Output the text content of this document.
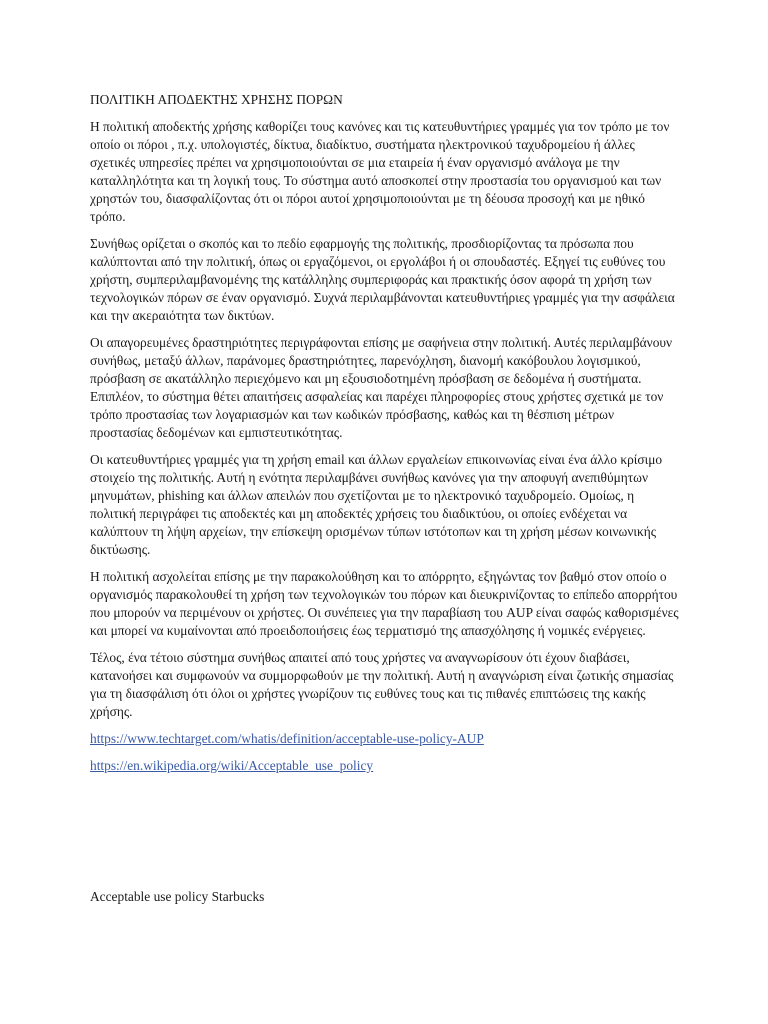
ΠΟΛΙΤΙΚΗ ΑΠΟΔΕΚΤΗΣ ΧΡΗΣΗΣ ΠΟΡΩΝ

Η πολιτική αποδεκτής χρήσης καθορίζει τους κανόνες και τις κατευθυντήριες γραμμές για τον τρόπο με τον οποίο οι πόροι , π.χ. υπολογιστές, δίκτυα, διαδίκτυο, συστήματα ηλεκτρονικού ταχυδρομείου ή άλλες σχετικές υπηρεσίες πρέπει να χρησιμοποιούνται σε μια εταιρεία ή έναν οργανισμό ανάλογα με την καταλληλότητα και τη λογική τους. Το σύστημα αυτό αποσκοπεί στην προστασία του οργανισμού και των χρηστών του, διασφαλίζοντας ότι οι πόροι αυτοί χρησιμοποιούνται με τη δέουσα προσοχή και με ηθικό τρόπο.

Συνήθως ορίζεται ο σκοπός και το πεδίο εφαρμογής της πολιτικής, προσδιορίζοντας τα πρόσωπα που καλύπτονται από την πολιτική, όπως οι εργαζόμενοι, οι εργολάβοι ή οι σπουδαστές. Εξηγεί τις ευθύνες του χρήστη, συμπεριλαμβανομένης της κατάλληλης συμπεριφοράς και πρακτικής όσον αφορά τη χρήση των τεχνολογικών πόρων σε έναν οργανισμό. Συχνά περιλαμβάνονται κατευθυντήριες γραμμές για την ασφάλεια και την ακεραιότητα των δικτύων.

Οι απαγορευμένες δραστηριότητες περιγράφονται επίσης με σαφήνεια στην πολιτική. Αυτές περιλαμβάνουν συνήθως, μεταξύ άλλων, παράνομες δραστηριότητες, παρενόχληση, διανομή κακόβουλου λογισμικού, πρόσβαση σε ακατάλληλο περιεχόμενο και μη εξουσιοδοτημένη πρόσβαση σε δεδομένα ή συστήματα. Επιπλέον, το σύστημα θέτει απαιτήσεις ασφαλείας και παρέχει πληροφορίες στους χρήστες σχετικά με τον τρόπο προστασίας των λογαριασμών και των κωδικών πρόσβασης, καθώς και τη θέσπιση μέτρων προστασίας δεδομένων και εμπιστευτικότητας.

Οι κατευθυντήριες γραμμές για τη χρήση email και άλλων εργαλείων επικοινωνίας είναι ένα άλλο κρίσιμο στοιχείο της πολιτικής. Αυτή η ενότητα περιλαμβάνει συνήθως κανόνες για την αποφυγή ανεπιθύμητων μηνυμάτων, phishing και άλλων απειλών που σχετίζονται με το ηλεκτρονικό ταχυδρομείο. Ομοίως, η πολιτική περιγράφει τις αποδεκτές και μη αποδεκτές χρήσεις του διαδικτύου, οι οποίες ενδέχεται να καλύπτουν τη λήψη αρχείων, την επίσκεψη ορισμένων τύπων ιστότοπων και τη χρήση μέσων κοινωνικής δικτύωσης.

Η πολιτική ασχολείται επίσης με την παρακολούθηση και το απόρρητο, εξηγώντας τον βαθμό στον οποίο ο οργανισμός παρακολουθεί τη χρήση των τεχνολογικών του πόρων και διευκρινίζοντας το επίπεδο απορρήτου που μπορούν να περιμένουν οι χρήστες. Οι συνέπειες για την παραβίαση του AUP είναι σαφώς καθορισμένες και μπορεί να κυμαίνονται από προειδοποιήσεις έως τερματισμό της απασχόλησης ή νομικές ενέργειες.

Τέλος, ένα τέτοιο σύστημα συνήθως απαιτεί από τους χρήστες να αναγνωρίσουν ότι έχουν διαβάσει, κατανοήσει και συμφωνούν να συμμορφωθούν με την πολιτική. Αυτή η αναγνώριση είναι ζωτικής σημασίας για τη διασφάλιση ότι όλοι οι χρήστες γνωρίζουν τις ευθύνες τους και τις πιθανές επιπτώσεις της κακής χρήσης.

https://www.techtarget.com/whatis/definition/acceptable-use-policy-AUP
https://en.wikipedia.org/wiki/Acceptable_use_policy

Acceptable use policy Starbucks
